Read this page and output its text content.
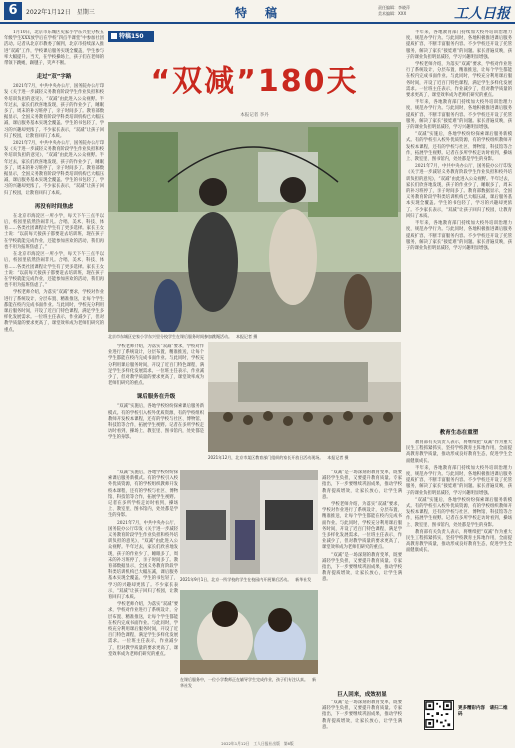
6	2022年1月12日　星期三	特　稿	责任编辑：李晓萍
美术编辑：XXX	工人日报

1月10日，北京市东城区史家小学东兴里分校五年级学生XXX放学后在学校“四点半课堂”中参加社团活动。记者从北京市教委了解到，北京市持续深入推进“双减”工作，学校课后服务实现全覆盖，学生参与率大幅提升。当天，在学校操场上，孩子们在老师的带领下跳绳、踢毽子，笑声不断。

走过“双”字路

2021年7月，中共中央办公厅、国务院办公厅印发《关于进一步减轻义务教育阶段学生作业负担和校外培训负担的意见》，“双减”由此进入公众视野。半年过去，家长们欣喜地发现，孩子的作业少了，睡眠多了，周末的补习班停了，亲子时间多了。教育部数据显示，全国义务教育阶段学科类培训机构已大幅压减，课后服务基本实现全覆盖。学生的书包轻了，学习的兴趣却更浓了。不少家长表示，“双减”让孩子回归了校园，让教育回归了本质。

2021年7月，中共中央办公厅、国务院办公厅印发《关于进一步减轻义务教育阶段学生作业负担和校外培训负担的意见》，“双减”由此进入公众视野。半年过去，家长们欣喜地发现，孩子的作业少了，睡眠多了，周末的补习班停了，亲子时间多了。教育部数据显示，全国义务教育阶段学科类培训机构已大幅压减，课后服务基本实现全覆盖。学生的书包轻了，学习的兴趣却更浓了。不少家长表示，“双减”让孩子回归了校园，让教育回归了本质。

再没有时间焦虑

在北京市海淀区一所小学，每天下午三点半以后，校园里依然热闹非凡。合唱、美术、科技、体育……各类社团课程让学生有了更多选择。家长王女士说：“以前每天接孩子都要赶去培训班，现在孩子在学校就能完成作业，还能参加喜欢的活动，我们再也不用为报班焦虑了。”

在北京市海淀区一所小学，每天下午三点半以后，校园里依然热闹非凡。合唱、美术、科技、体育……各类社团课程让学生有了更多选择。家长王女士说：“以前每天接孩子都要赶去培训班，现在孩子在学校就能完成作业，还能参加喜欢的活动，我们再也不用为报班焦虑了。”

学校老师介绍，为落实“双减”要求，学校对作业进行了系统设计，分层布置、精准推送，让每个学生都能在校内完成书面作业。与此同时，学校充分利用课后服务时间，开设了近百门特色课程，满足学生多样化发展需求。一位班主任表示，作业减少了，但对教学质量的要求更高了，课堂效率成为老师们研究的重点。

特稿150
“双减”180天
本报记者 李丹
北京市东城区史家小学东兴里分校学生在课后服务时间参加跳绳活动。　本报记者 摄

学校老师介绍，为落实“双减”要求，学校对作业进行了系统设计，分层布置、精准推送，让每个学生都能在校内完成书面作业。与此同时，学校充分利用课后服务时间，开设了近百门特色课程，满足学生多样化发展需求。一位班主任表示，作业减少了，但对教学质量的要求更高了，课堂效率成为老师们研究的重点。

课后服务在升级

“双减”实施后，各地学校纷纷探索课后服务新模式。有的学校引入校外优质资源，有的学校组织教师开发校本课程，还有的学校与社区、博物馆、科技馆等合作，拓展学生视野。记者在多所学校走访时看到，操场上、教室里、图书馆内，处处都是学生的身影。

2021年12月，北京市某区教育部门组织的家长开放日活动现场。　本报记者 摄

“双减”实施后，各地学校纷纷探索课后服务新模式。有的学校引入校外优质资源，有的学校组织教师开发校本课程，还有的学校与社区、博物馆、科技馆等合作，拓展学生视野。记者在多所学校走访时看到，操场上、教室里、图书馆内，处处都是学生的身影。

2021年7月，中共中央办公厅、国务院办公厅印发《关于进一步减轻义务教育阶段学生作业负担和校外培训负担的意见》，“双减”由此进入公众视野。半年过去，家长们欣喜地发现，孩子的作业少了，睡眠多了，周末的补习班停了，亲子时间多了。教育部数据显示，全国义务教育阶段学科类培训机构已大幅压减，课后服务基本实现全覆盖。学生的书包轻了，学习的兴趣却更浓了。不少家长表示，“双减”让孩子回归了校园，让教育回归了本质。

学校老师介绍，为落实“双减”要求，学校对作业进行了系统设计，分层布置、精准推送，让每个学生都能在校内完成书面作业。与此同时，学校充分利用课后服务时间，开设了近百门特色课程，满足学生多样化发展需求。一位班主任表示，作业减少了，但对教学质量的要求更高了，课堂效率成为老师们研究的重点。

2021年9月1日，北京一所学校的学生在校园内开展课后活动。　新华社发
在课后服务中，一位小学教师正在辅导学生完成作业，孩子们专注认真。　新华社发

“双减”是一场深刻的教育变革，既要减轻学生负担，又要提升教育质量。专家指出，下一步要继续巩固成果，推动学校教育提质增效，让家长放心，让学生满意。

学校老师介绍，为落实“双减”要求，学校对作业进行了系统设计，分层布置、精准推送，让每个学生都能在校内完成书面作业。与此同时，学校充分利用课后服务时间，开设了近百门特色课程，满足学生多样化发展需求。一位班主任表示，作业减少了，但对教学质量的要求更高了，课堂效率成为老师们研究的重点。

“双减”是一场深刻的教育变革，既要减轻学生负担，又要提升教育质量。专家指出，下一步要继续巩固成果，推动学校教育提质增效，让家长放心，让学生满意。

巨人回来，成效初显

“双减”是一场深刻的教育变革，既要减轻学生负担，又要提升教育质量。专家指出，下一步要继续巩固成果，推动学校教育提质增效，让家长放心，让学生满意。

半年来，各地教育部门持续加大校外培训治理力度，规范办学行为。与此同时，各地积极推进课后服务提质扩容，不断丰富服务内容。不少学校还开设了托管服务，解决了家长“接娃难”的问题。家长普遍反映，孩子的课业负担明显减轻，学习兴趣明显增强。

学校老师介绍，为落实“双减”要求，学校对作业进行了系统设计，分层布置、精准推送，让每个学生都能在校内完成书面作业。与此同时，学校充分利用课后服务时间，开设了近百门特色课程，满足学生多样化发展需求。一位班主任表示，作业减少了，但对教学质量的要求更高了，课堂效率成为老师们研究的重点。

半年来，各地教育部门持续加大校外培训治理力度，规范办学行为。与此同时，各地积极推进课后服务提质扩容，不断丰富服务内容。不少学校还开设了托管服务，解决了家长“接娃难”的问题。家长普遍反映，孩子的课业负担明显减轻，学习兴趣明显增强。

“双减”实施后，各地学校纷纷探索课后服务新模式。有的学校引入校外优质资源，有的学校组织教师开发校本课程，还有的学校与社区、博物馆、科技馆等合作，拓展学生视野。记者在多所学校走访时看到，操场上、教室里、图书馆内，处处都是学生的身影。

2021年7月，中共中央办公厅、国务院办公厅印发《关于进一步减轻义务教育阶段学生作业负担和校外培训负担的意见》，“双减”由此进入公众视野。半年过去，家长们欣喜地发现，孩子的作业少了，睡眠多了，周末的补习班停了，亲子时间多了。教育部数据显示，全国义务教育阶段学科类培训机构已大幅压减，课后服务基本实现全覆盖。学生的书包轻了，学习的兴趣却更浓了。不少家长表示，“双减”让孩子回归了校园，让教育回归了本质。

半年来，各地教育部门持续加大校外培训治理力度，规范办学行为。与此同时，各地积极推进课后服务提质扩容，不断丰富服务内容。不少学校还开设了托管服务，解决了家长“接娃难”的问题。家长普遍反映，孩子的课业负担明显减轻，学习兴趣明显增强。

教育生态在重塑

教育部有关负责人表示，将继续把“双减”作为重大民生工程抓紧抓实，坚持学校教育主阵地作用，全面提高教育教学质量，推动形成良好教育生态，促进学生全面健康成长。

半年来，各地教育部门持续加大校外培训治理力度，规范办学行为。与此同时，各地积极推进课后服务提质扩容，不断丰富服务内容。不少学校还开设了托管服务，解决了家长“接娃难”的问题。家长普遍反映，孩子的课业负担明显减轻，学习兴趣明显增强。

“双减”实施后，各地学校纷纷探索课后服务新模式。有的学校引入校外优质资源，有的学校组织教师开发校本课程，还有的学校与社区、博物馆、科技馆等合作，拓展学生视野。记者在多所学校走访时看到，操场上、教室里、图书馆内，处处都是学生的身影。

教育部有关负责人表示，将继续把“双减”作为重大民生工程抓紧抓实，坚持学校教育主阵地作用，全面提高教育教学质量，推动形成良好教育生态，促进学生全面健康成长。

更多精彩内容　请扫二维码
2022年1月12日　工人日报社出版　第6版
